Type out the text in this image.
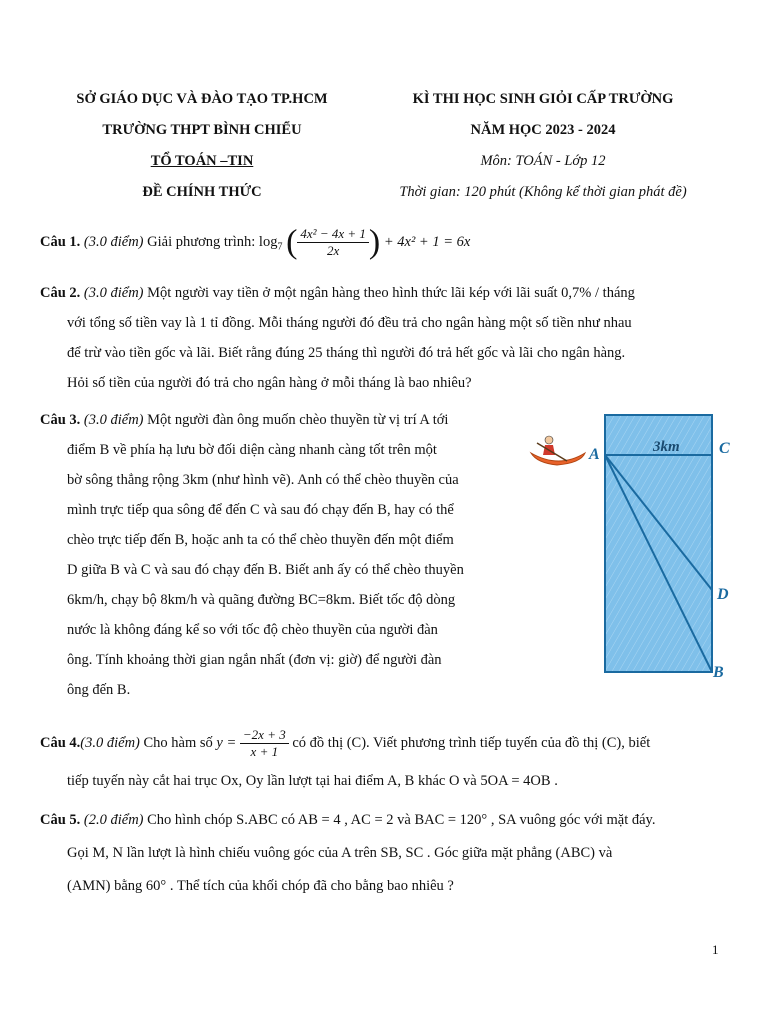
SỞ GIÁO DỤC VÀ ĐÀO TẠO TP.HCM
TRƯỜNG THPT BÌNH CHIỂU
TỔ TOÁN –TIN
ĐỀ CHÍNH THỨC
KÌ THI HỌC SINH GIỎI CẤP TRƯỜNG
NĂM HỌC 2023 - 2024
Môn: TOÁN - Lớp 12
Thời gian: 120 phút (Không kể thời gian phát đề)

Câu 1. (3.0 điểm) Giải phương trình: $\log_7$ ( $\frac{\text{4x² − 4x + 1}}{2x}$ ) + 4x² + 1 = 6x

Câu 2. (3.0 điểm) Một người vay tiền ở một ngân hàng theo hình thức lãi kép với lãi suất 0,7% / tháng

với tổng số tiền vay là 1 tỉ đồng. Mỗi tháng người đó đều trả cho ngân hàng một số tiền như nhau

để trừ vào tiền gốc và lãi. Biết rằng đúng 25 tháng thì người đó trả hết gốc và lãi cho ngân hàng.

Hỏi số tiền của người đó trả cho ngân hàng ở mỗi tháng là bao nhiêu?

Câu 3. (3.0 điểm) Một người đàn ông muốn chèo thuyền từ vị trí A tới

điểm B về phía hạ lưu bờ đối diện càng nhanh càng tốt trên một

bờ sông thẳng rộng 3km (như hình vẽ). Anh có thể chèo thuyền của

mình trực tiếp qua sông để đến C và sau đó chạy đến B, hay có thể

chèo trực tiếp đến B, hoặc anh ta có thể chèo thuyền đến một điểm

D giữa B và C và sau đó chạy đến B. Biết anh ấy có thể chèo thuyền

6km/h, chạy bộ 8km/h và quãng đường BC=8km. Biết tốc độ dòng

nước là không đáng kể so với tốc độ chèo thuyền của người đàn

ông. Tính khoảng thời gian ngắn nhất (đơn vị: giờ) để người đàn

ông đến B.

A	C
D
B
3km

Câu 4.(3.0 điểm) Cho hàm số $y = \frac{-2x + 3}{x + 1}$ có đồ thị (C). Viết phương trình tiếp tuyến của đồ thị (C), biết

tiếp tuyến này cắt hai trục Ox, Oy lần lượt tại hai điểm A, B khác O và 5OA = 4OB .

Câu 5. (2.0 điểm) Cho hình chóp S.ABC có AB = 4 , AC = 2 và BAC = 120° , SA vuông góc với mặt đáy.

Gọi M, N lần lượt là hình chiếu vuông góc của A trên SB, SC . Góc giữa mặt phẳng (ABC) và

(AMN) bằng 60° . Thể tích của khối chóp đã cho bằng bao nhiêu ?

1
